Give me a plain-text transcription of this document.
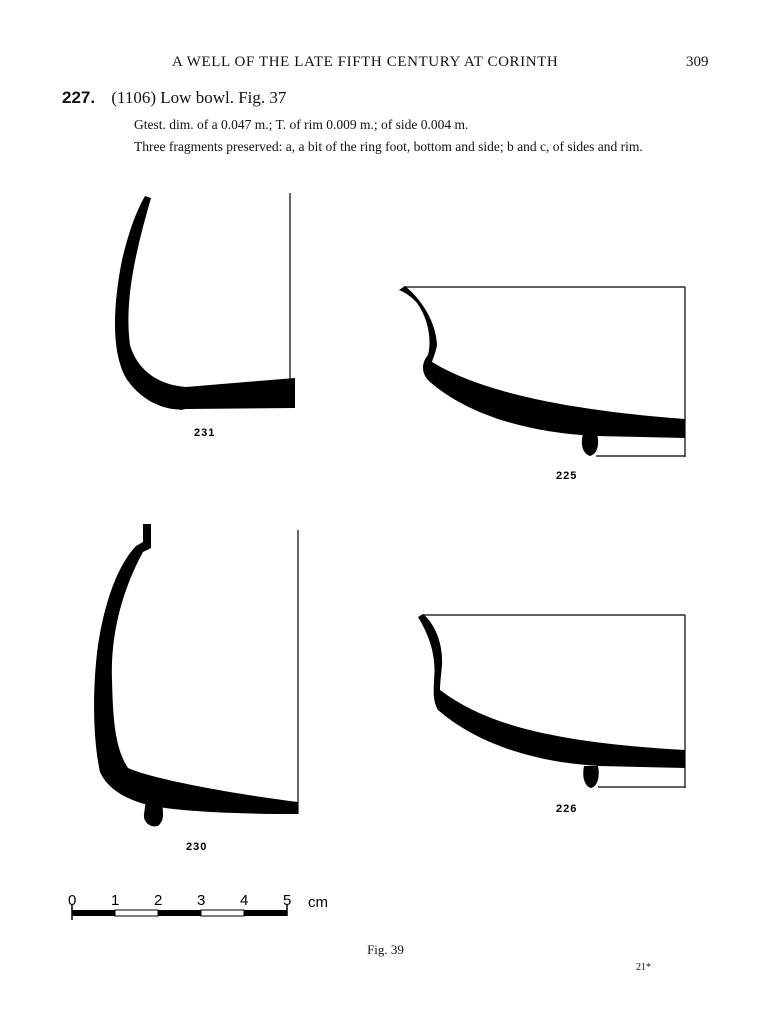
A WELL OF THE LATE FIFTH CENTURY AT CORINTH	309
227. (1106) Low bowl. Fig. 37
Gtest. dim. of a 0.047 m.; T. of rim 0.009 m.; of side 0.004 m.
Three fragments preserved: a, a bit of the ring foot, bottom and side; b and c, of sides and rim.
231
225
230
226
0 1 2 3 4 5 cm
Fig. 39
21*
